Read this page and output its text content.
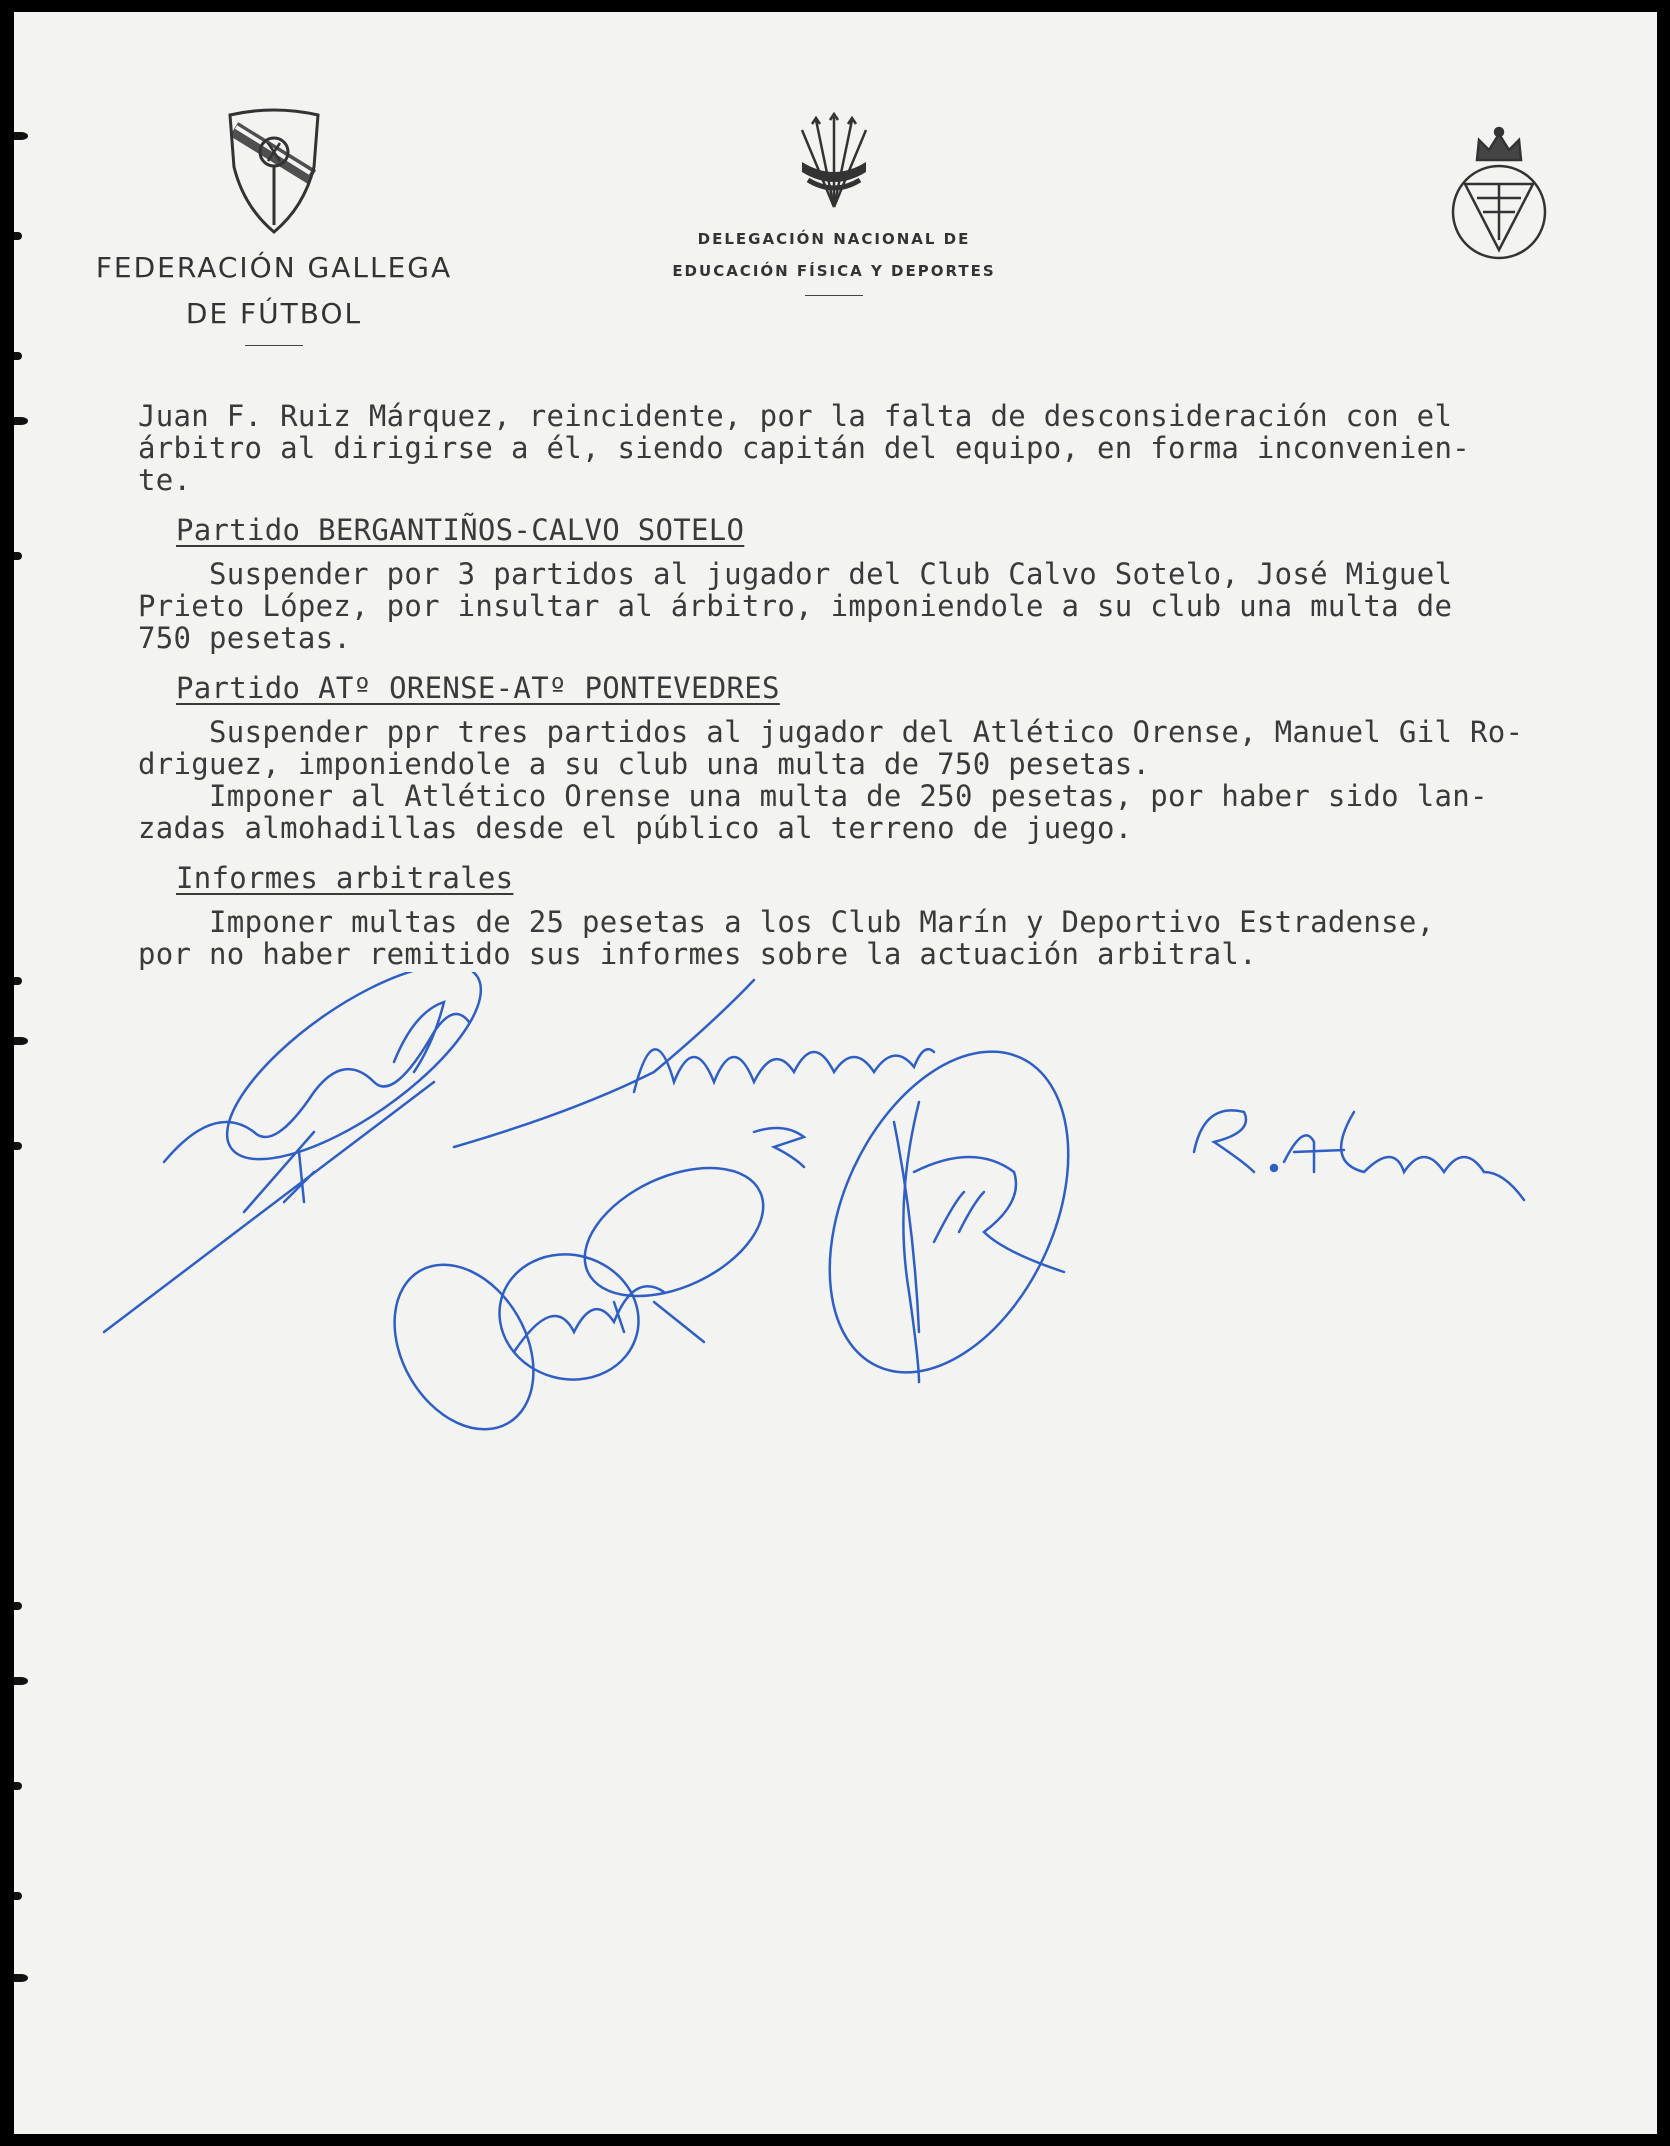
FEDERACIÓN GALLEGA
DE FÚTBOL
DELEGACIÓN NACIONAL DE
EDUCACIÓN FÍSICA Y DEPORTES

Juan F. Ruiz Márquez, reincidente, por la falta de desconsideración con el

árbitro al dirigirse a él, siendo capitán del equipo, en forma inconvenien-

te.

Partido BERGANTIÑOS-CALVO SOTELO

Suspender por 3 partidos al jugador del Club Calvo Sotelo, José Miguel

Prieto López, por insultar al árbitro, imponiendole a su club una multa de

750 pesetas.

Partido ATº ORENSE-ATº PONTEVEDRES

Suspender ppr tres partidos al jugador del Atlético Orense, Manuel Gil Ro-

driguez, imponiendole a su club una multa de 750 pesetas.

Imponer al Atlético Orense una multa de 250 pesetas, por haber sido lan-

zadas almohadillas desde el público al terreno de juego.

Informes arbitrales

Imponer multas de 25 pesetas a los Club Marín y Deportivo Estradense,

por no haber remitido sus informes sobre la actuación arbitral.
